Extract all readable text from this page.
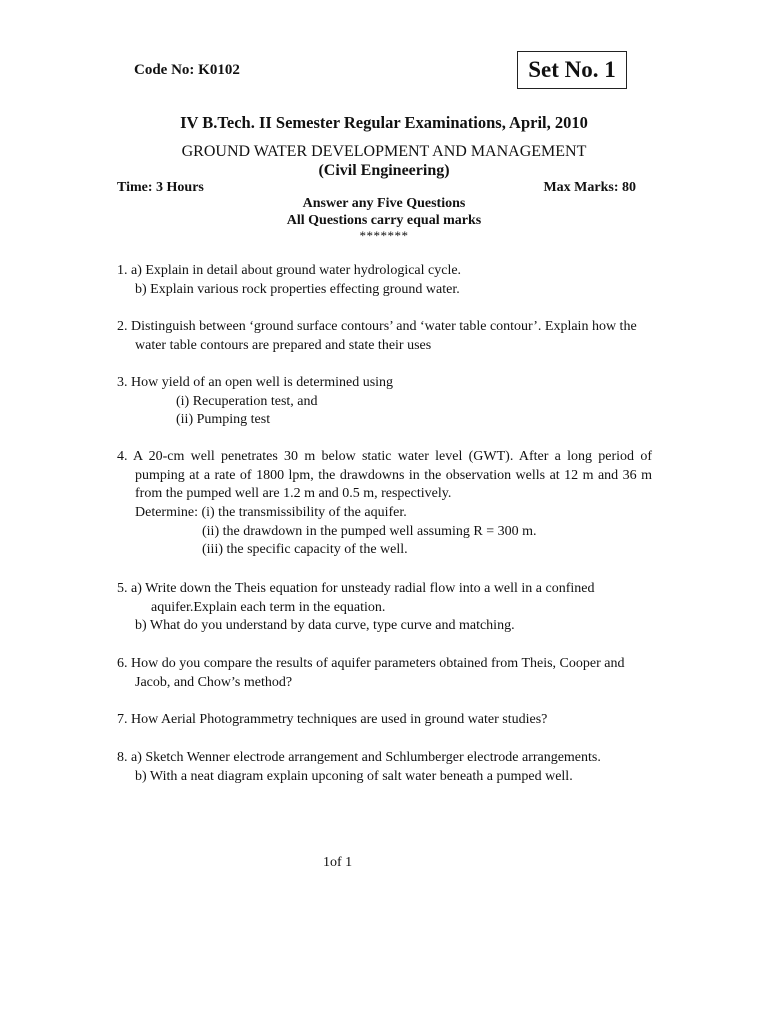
Code No: K0102	Set No. 1
IV B.Tech. II Semester Regular Examinations, April, 2010
GROUND WATER DEVELOPMENT AND MANAGEMENT
(Civil Engineering)
Time: 3 Hours	Max Marks: 80
Answer any Five Questions
All Questions carry equal marks
*******
1. a) Explain in detail about ground water hydrological cycle.
b) Explain various rock properties effecting ground water.
2. Distinguish between ‘ground surface contours’ and ‘water table contour’. Explain how the
water table contours are prepared and state their uses
3. How yield of an open well is determined using
(i) Recuperation test, and
(ii) Pumping test
4. A 20-cm well penetrates 30 m below static water level (GWT). After a long period of
pumping at a rate of 1800 lpm, the drawdowns in the observation wells at 12 m and 36 m
from the pumped well are 1.2 m and 0.5 m, respectively.
Determine: (i) the transmissibility of the aquifer.
(ii) the drawdown in the pumped well assuming R = 300 m.
(iii) the specific capacity of the well.
5. a) Write down the Theis equation for unsteady radial flow into a well in a confined
aquifer.Explain each term in the equation.
b) What do you understand by data curve, type curve and matching.
6. How do you compare the results of aquifer parameters obtained from Theis, Cooper and
Jacob, and Chow’s method?
7. How Aerial Photogrammetry techniques are used in ground water studies?
8. a) Sketch Wenner electrode arrangement and Schlumberger electrode arrangements.
b) With a neat diagram explain upconing of salt water beneath a pumped well.
1of 1
